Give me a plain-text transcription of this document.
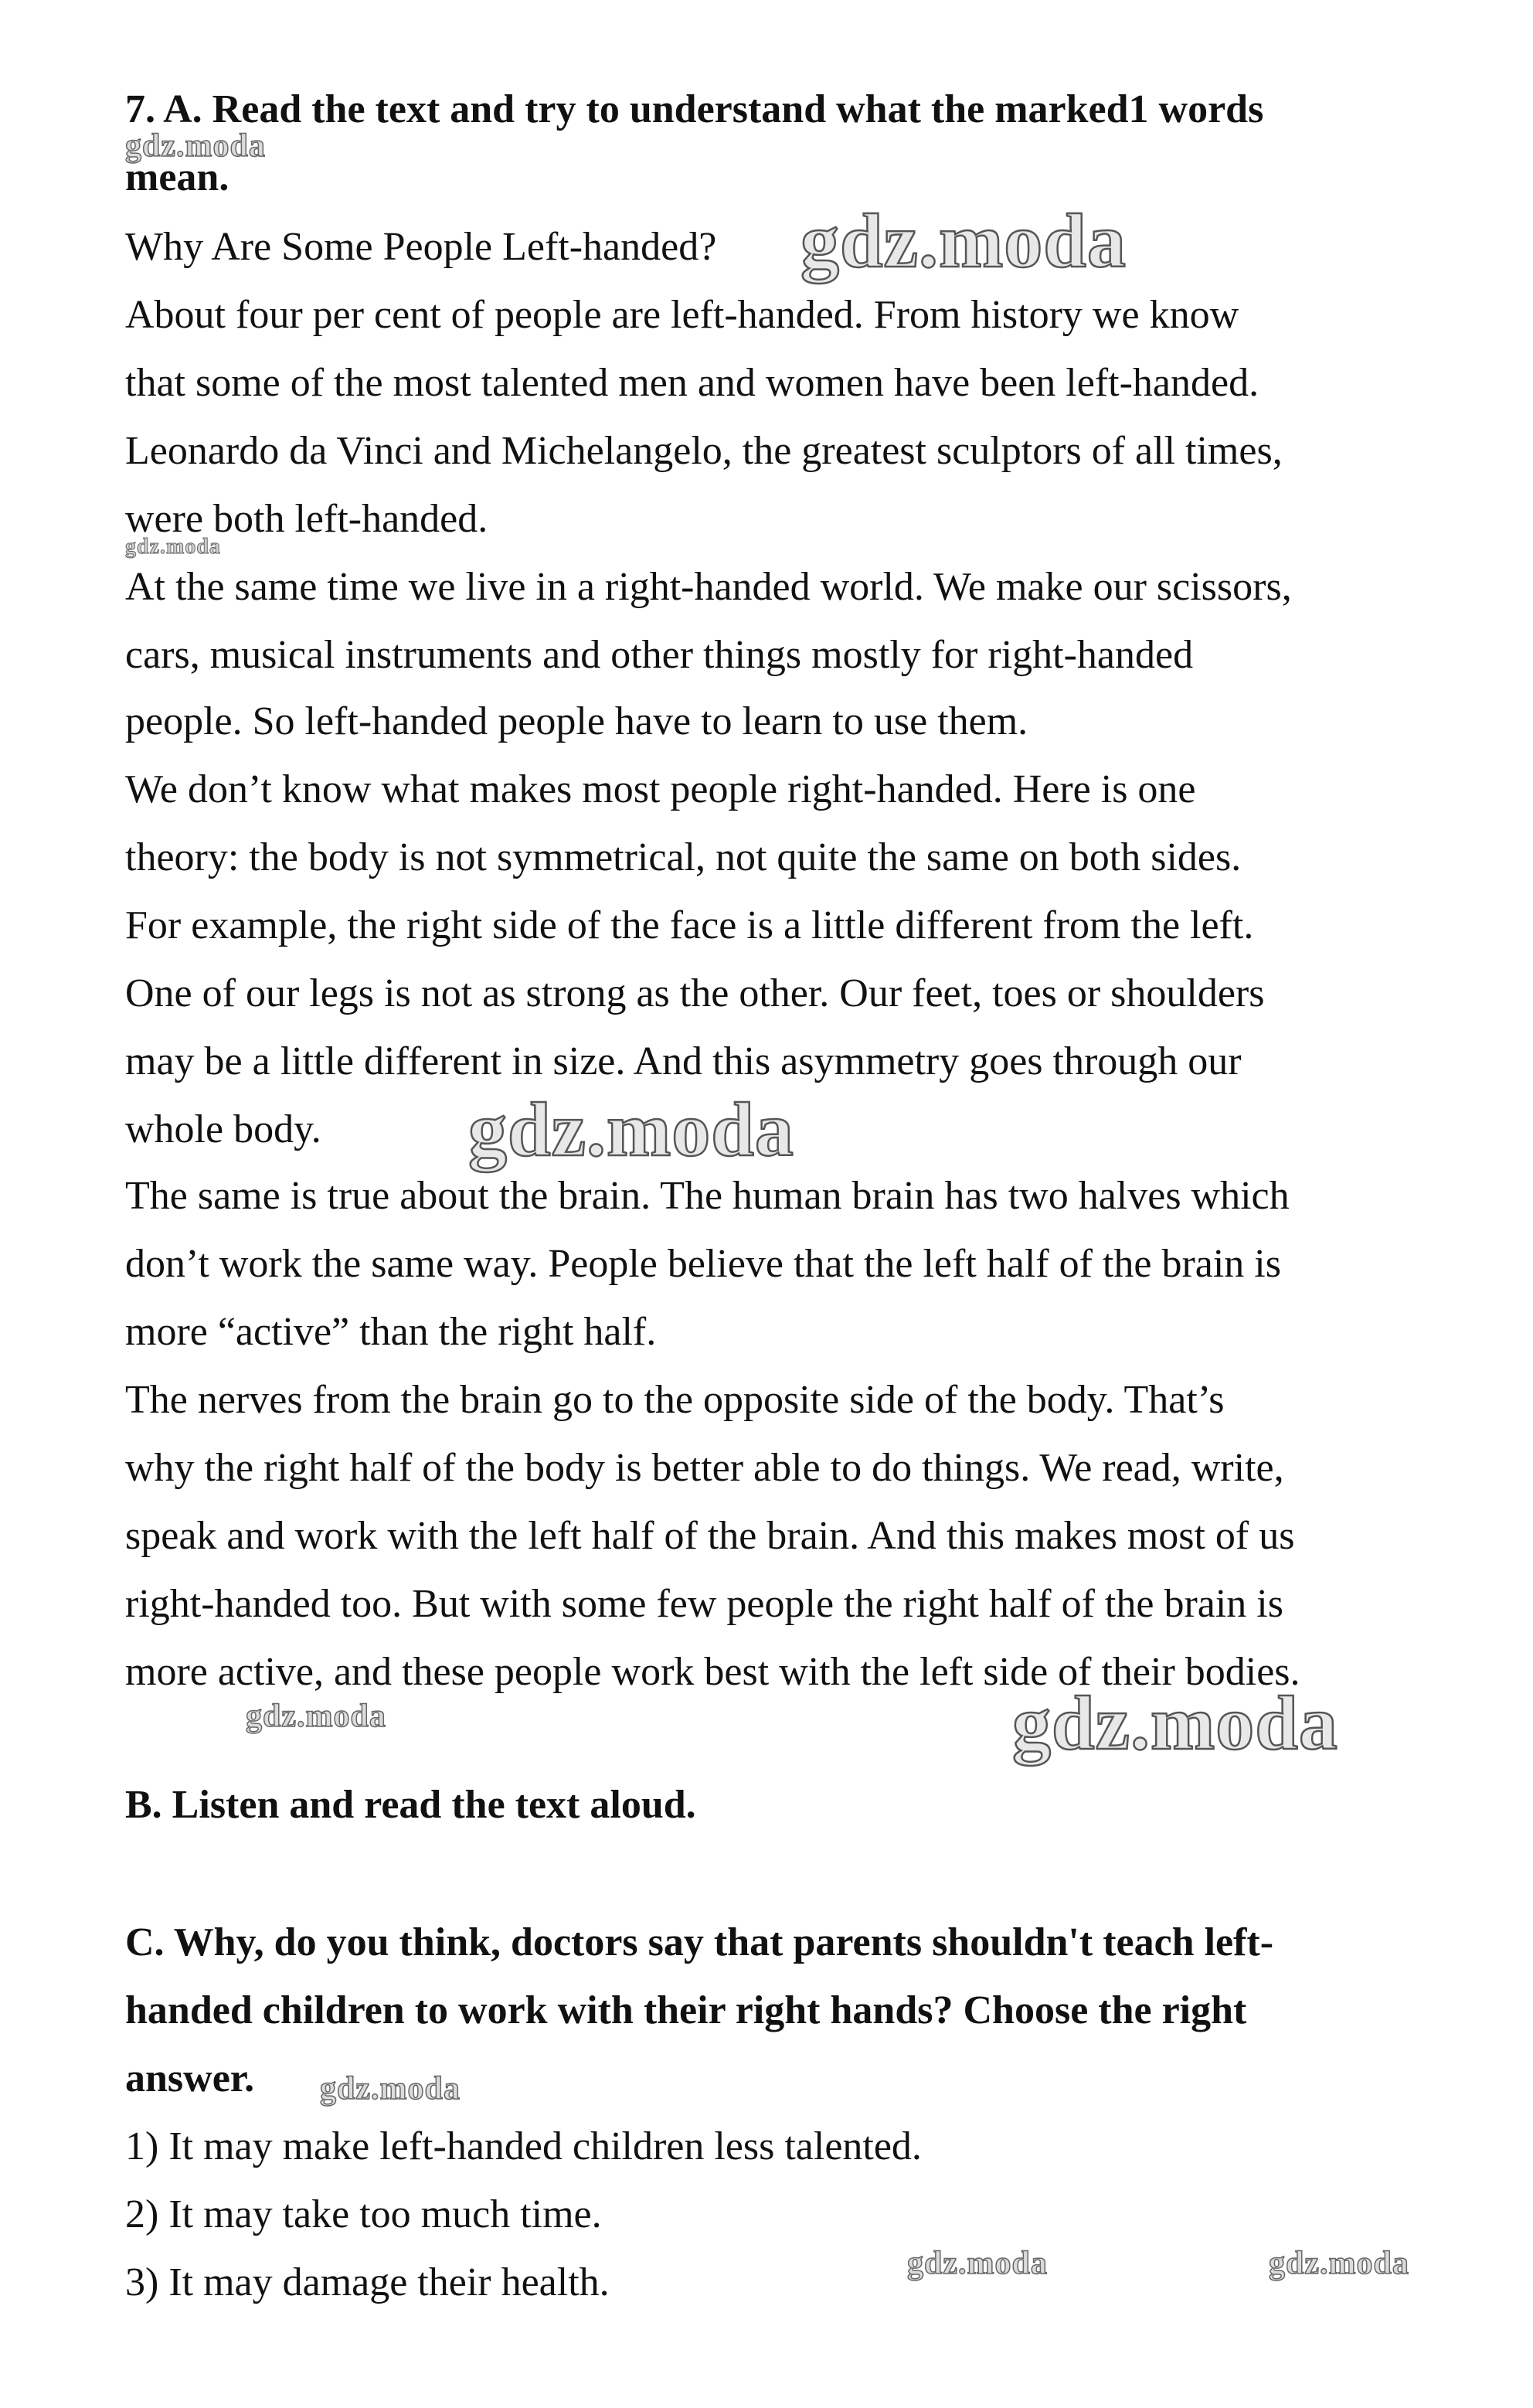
7. A. Read the text and try to understand what the marked1 words

mean.

Why Are Some People Left-handed?

About four per cent of people are left-handed. From history we know

that some of the most talented men and women have been left-handed.

Leonardo da Vinci and Michelangelo, the greatest sculptors of all times,

were both left-handed.

At the same time we live in a right-handed world. We make our scissors,

cars, musical instruments and other things mostly for right-handed

people. So left-handed people have to learn to use them.

We don’t know what makes most people right-handed. Here is one

theory: the body is not symmetrical, not quite the same on both sides.

For example, the right side of the face is a little different from the left.

One of our legs is not as strong as the other. Our feet, toes or shoulders

may be a little different in size. And this asymmetry goes through our

whole body.

The same is true about the brain. The human brain has two halves which

don’t work the same way. People believe that the left half of the brain is

more “active” than the right half.

The nerves from the brain go to the opposite side of the body. That’s

why the right half of the body is better able to do things. We read, write,

speak and work with the left half of the brain. And this makes most of us

right-handed too. But with some few people the right half of the brain is

more active, and these people work best with the left side of their bodies.

B. Listen and read the text aloud.

C. Why, do you think, doctors say that parents shouldn't teach left-

handed children to work with their right hands? Choose the right

answer.

1) It may make left-handed children less talented.

2) It may take too much time.

3) It may damage their health.

gdz.moda
gdz.moda
gdz.moda
gdz.moda
gdz.moda	gdz.moda
gdz.moda
gdz.moda	gdz.moda
